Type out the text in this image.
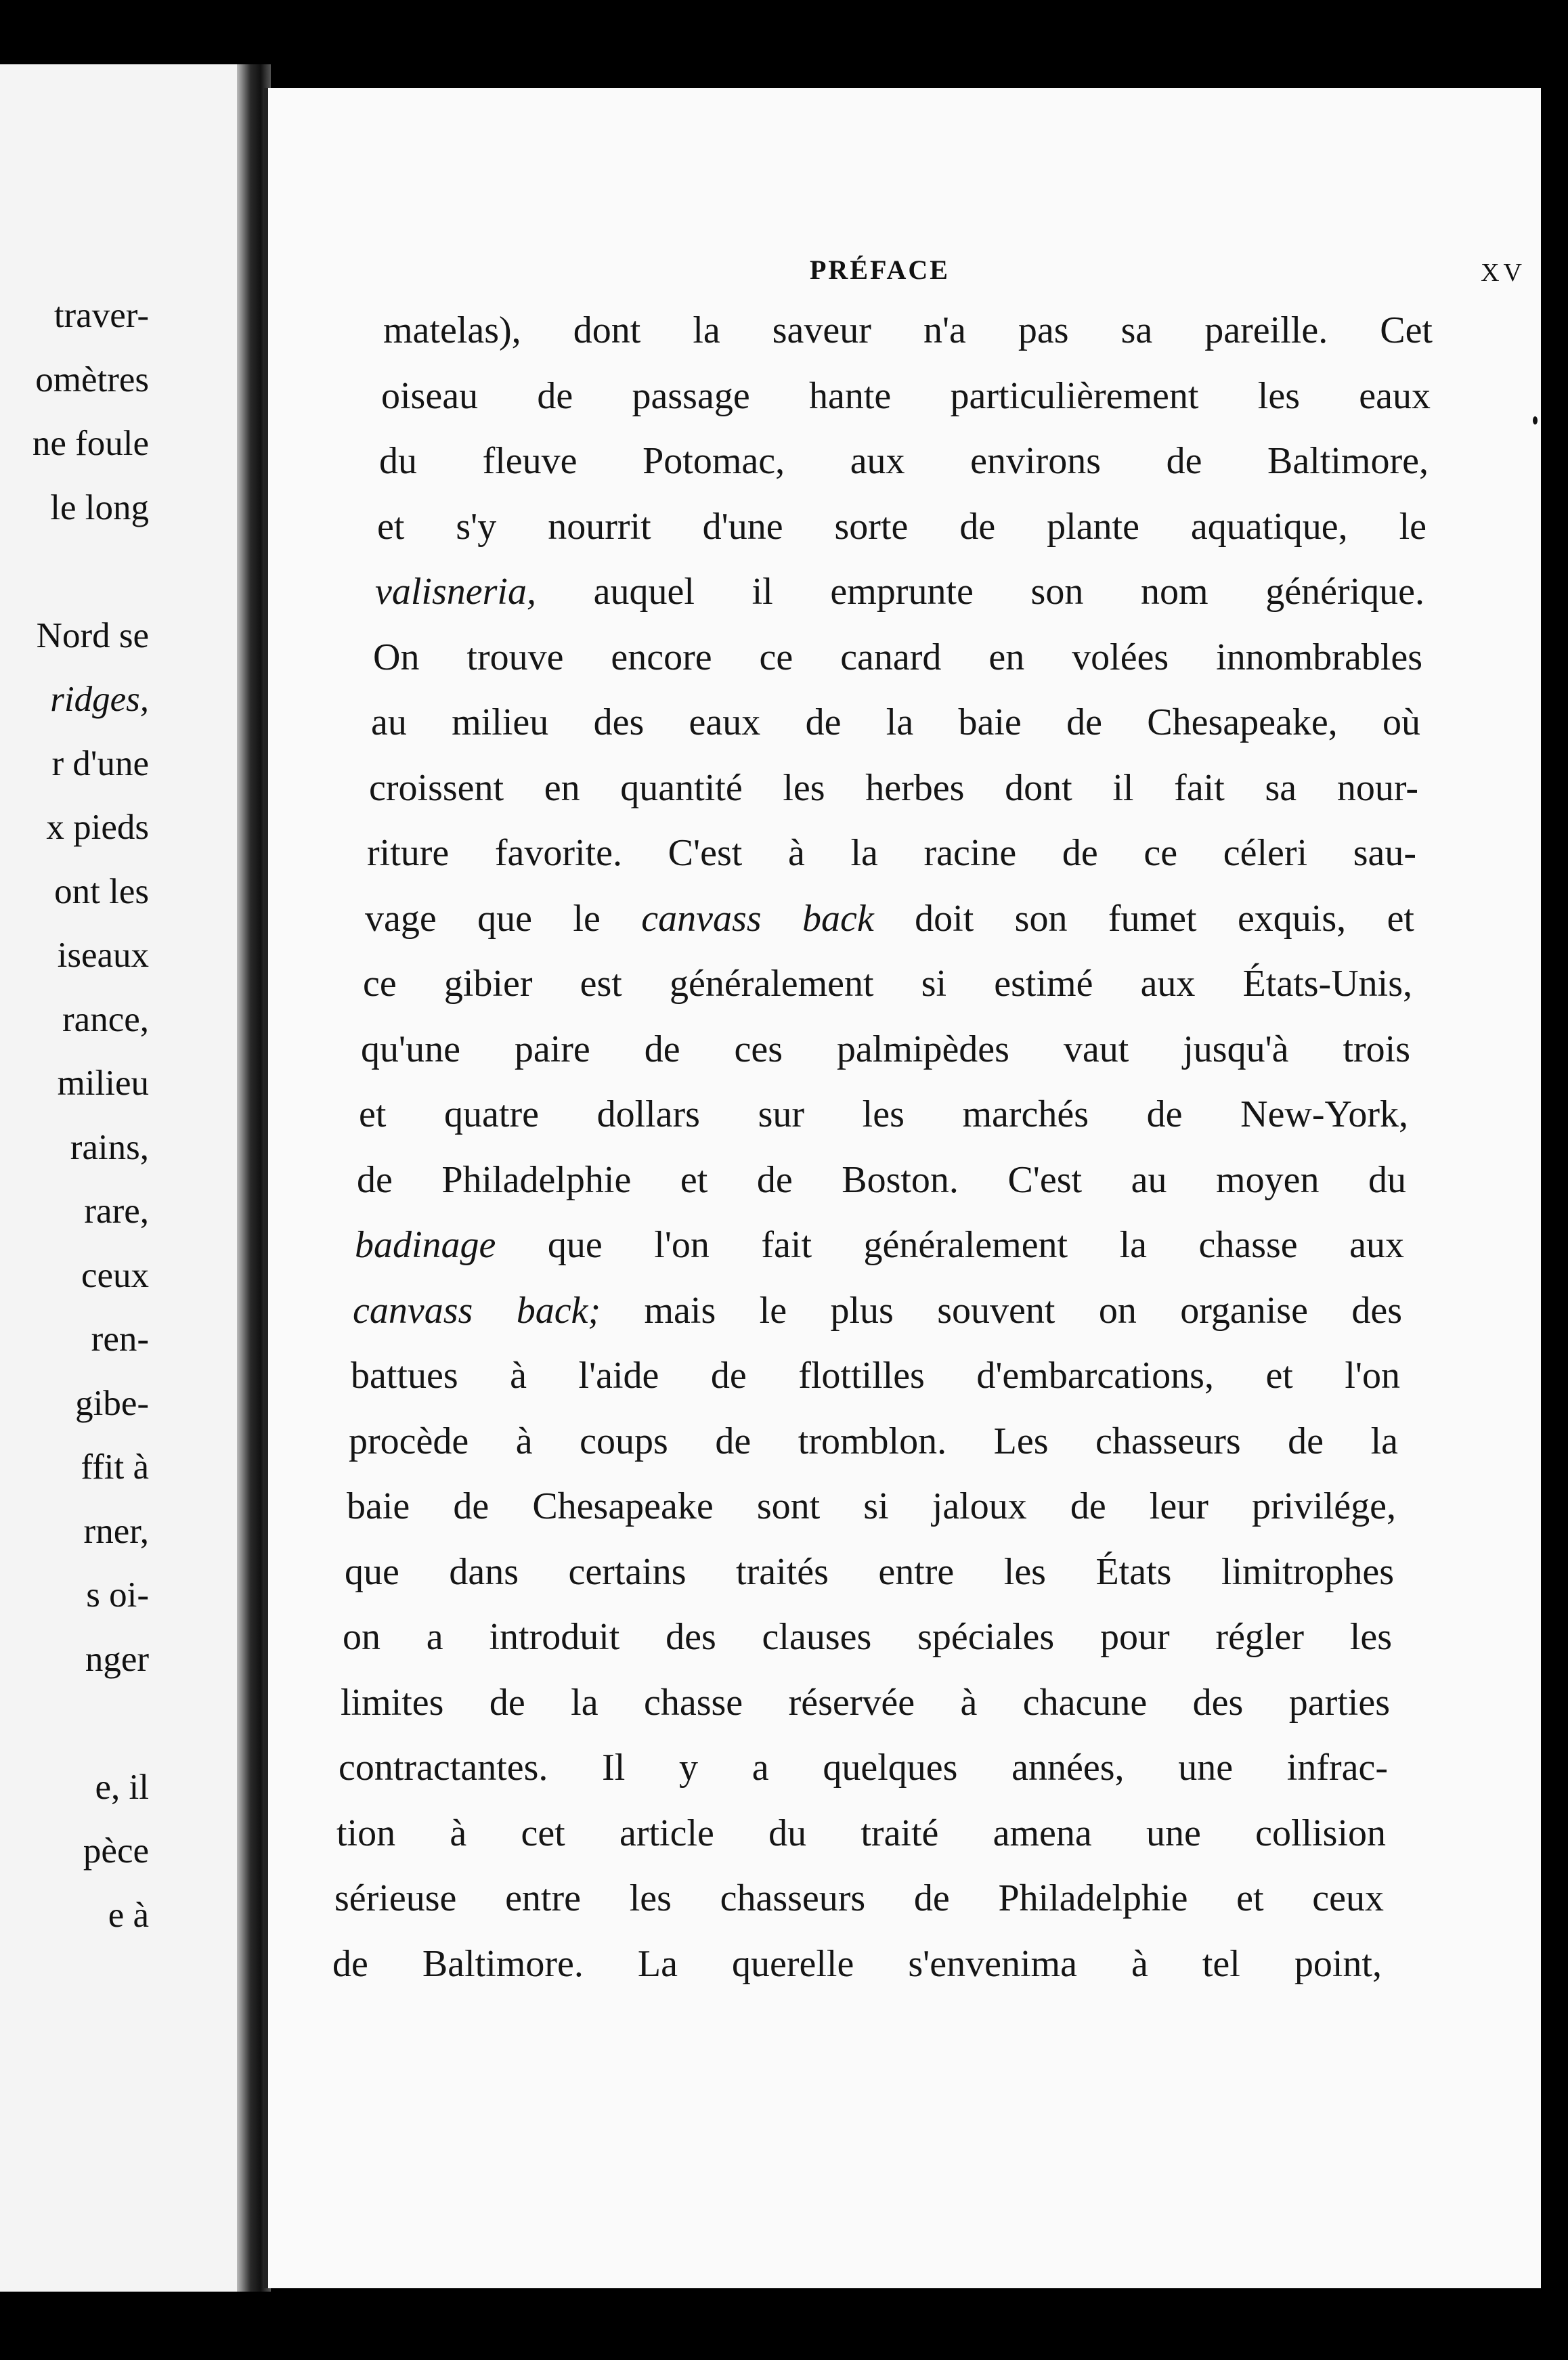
traver-
omètres
ne foule
le long
Nord se
ridges,
r d'une
x pieds
ont les
iseaux
rance,
milieu
rains,
rare,
ceux
ren-
gibe-
ffit à
rner,
s oi-
nger
e, il
pèce
e à
PRÉFACE	XV
matelas), dont la saveur n'a pas sa pareille. Cet
oiseau de passage hante particulièrement les eaux
du fleuve Potomac, aux environs de Baltimore,
et s'y nourrit d'une sorte de plante aquatique, le
valisneria, auquel il emprunte son nom générique.
On trouve encore ce canard en volées innombrables
au milieu des eaux de la baie de Chesapeake, où
croissent en quantité les herbes dont il fait sa nour-
riture favorite. C'est à la racine de ce céleri sau-
vage que le canvass back doit son fumet exquis, et
ce gibier est généralement si estimé aux États-Unis,
qu'une paire de ces palmipèdes vaut jusqu'à trois
et quatre dollars sur les marchés de New-York,
de Philadelphie et de Boston. C'est au moyen du
badinage que l'on fait généralement la chasse aux
canvass back; mais le plus souvent on organise des
battues à l'aide de flottilles d'embarcations, et l'on
procède à coups de tromblon. Les chasseurs de la
baie de Chesapeake sont si jaloux de leur privilége,
que dans certains traités entre les États limitrophes
on a introduit des clauses spéciales pour régler les
limites de la chasse réservée à chacune des parties
contractantes. Il y a quelques années, une infrac-
tion à cet article du traité amena une collision
sérieuse entre les chasseurs de Philadelphie et ceux
de Baltimore. La querelle s'envenima à tel point,
